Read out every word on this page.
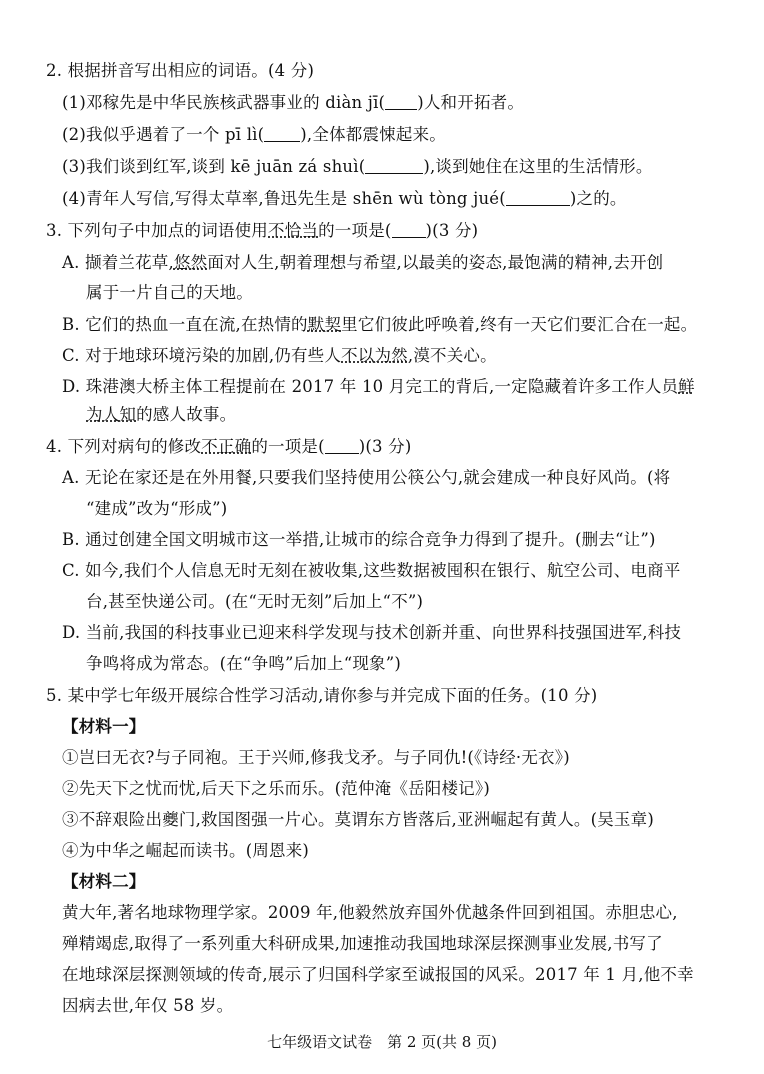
2. 根据拼音写出相应的词语。(4 分)
(1)邓稼先是中华民族核武器事业的 diàn jī( )人和开拓者。
(2)我似乎遇着了一个 pī lì( ),全体都震悚起来。
(3)我们谈到红军,谈到 kē juān zá shuì(	),谈到她住在这里的生活情形。
(4)青年人写信,写得太草率,鲁迅先生是 shēn wù tòng jué(	)之的。
3. 下列句子中加点的词语使用不恰当的一项是( )(3 分)
A. 撷着兰花草,悠然面对人生,朝着理想与希望,以最美的姿态,最饱满的精神,去开创
属于一片自己的天地。
B. 它们的热血一直在流,在热情的默契里它们彼此呼唤着,终有一天它们要汇合在一起。
C. 对于地球环境污染的加剧,仍有些人不以为然,漠不关心。
D. 珠港澳大桥主体工程提前在 2017 年 10 月完工的背后,一定隐藏着许多工作人员鲜
为人知的感人故事。
4. 下列对病句的修改不正确的一项是( )(3 分)
A. 无论在家还是在外用餐,只要我们坚持使用公筷公勺,就会建成一种良好风尚。(将
“建成”改为“形成”)
B. 通过创建全国文明城市这一举措,让城市的综合竞争力得到了提升。(删去“让”)
C. 如今,我们个人信息无时无刻在被收集,这些数据被囤积在银行、航空公司、电商平
台,甚至快递公司。(在“无时无刻”后加上“不”)
D. 当前,我国的科技事业已迎来科学发现与技术创新并重、向世界科技强国进军,科技
争鸣将成为常态。(在“争鸣”后加上“现象”)
5. 某中学七年级开展综合性学习活动,请你参与并完成下面的任务。(10 分)
【材料一】
①岂曰无衣?与子同袍。王于兴师,修我戈矛。与子同仇!(《诗经·无衣》)
②先天下之忧而忧,后天下之乐而乐。(范仲淹《岳阳楼记》)
③不辞艰险出夔门,救国图强一片心。莫谓东方皆落后,亚洲崛起有黄人。(吴玉章)
④为中华之崛起而读书。(周恩来)
【材料二】
黄大年,著名地球物理学家。2009 年,他毅然放弃国外优越条件回到祖国。赤胆忠心,
殚精竭虑,取得了一系列重大科研成果,加速推动我国地球深层探测事业发展,书写了
在地球深层探测领域的传奇,展示了归国科学家至诚报国的风采。2017 年 1 月,他不幸
因病去世,年仅 58 岁。
七年级语文试卷　第 2 页(共 8 页)
